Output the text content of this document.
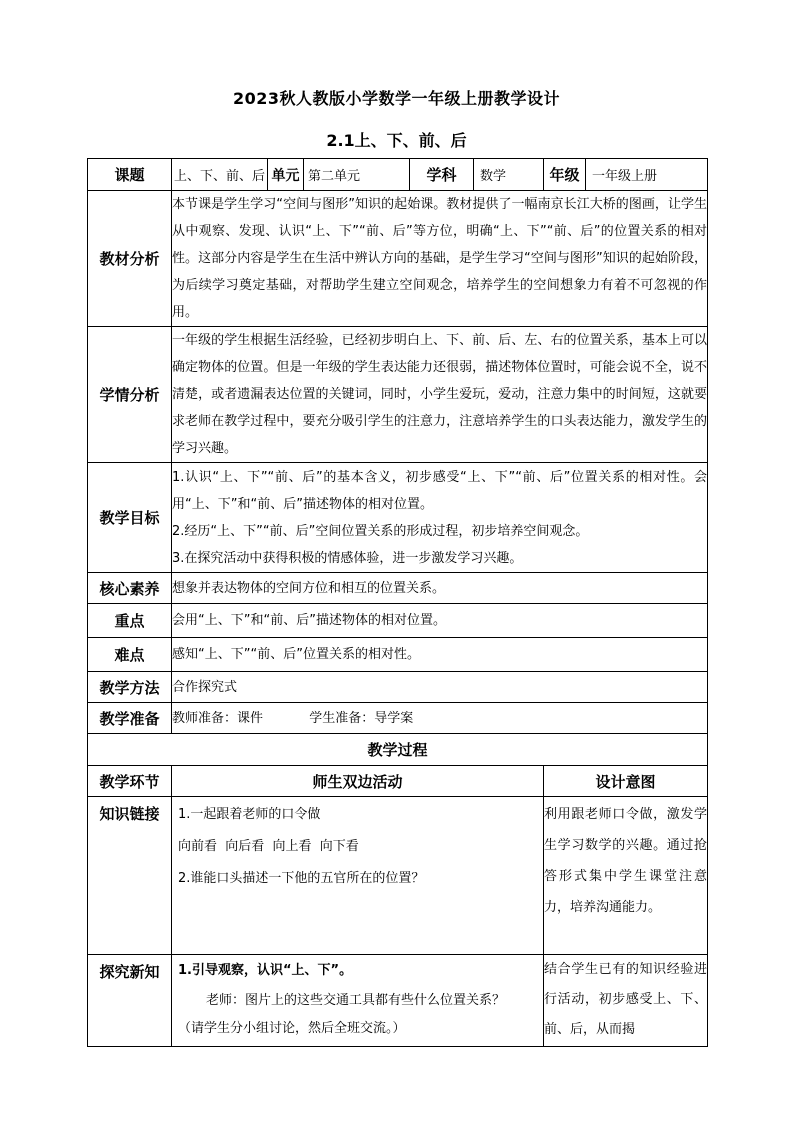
2023秋人教版小学数学一年级上册教学设计
2.1上、下、前、后
课题	上、下、前、后	单元	第二单元	学科	数学	年级	一年级上册
教材分析	本节课是学生学习“空间与图形”知识的起始课。教材提供了一幅南京长江大桥的图画，让学生从中观察、发现、认识“上、下”“前、后”等方位，明确“上、下”“前、后”的位置关系的相对性。这部分内容是学生在生活中辨认方向的基础，是学生学习“空间与图形”知识的起始阶段，为后续学习奠定基础，对帮助学生建立空间观念，培养学生的空间想象力有着不可忽视的作用。						
学情分析	一年级的学生根据生活经验，已经初步明白上、下、前、后、左、右的位置关系，基本上可以确定物体的位置。但是一年级的学生表达能力还很弱，描述物体位置时，可能会说不全，说不清楚，或者遗漏表达位置的关键词，同时，小学生爱玩，爱动，注意力集中的时间短，这就要求老师在教学过程中，要充分吸引学生的注意力，注意培养学生的口头表达能力，激发学生的学习兴趣。						
教学目标	1.认识“上、下”“前、后”的基本含义，初步感受“上、下”“前、后”位置关系的相对性。会用“上、下”和“前、后”描述物体的相对位置。
2.经历“上、下”“前、后”空间位置关系的形成过程，初步培养空间观念。
3.在探究活动中获得积极的情感体验，进一步激发学习兴趣。						

核心素养	想象并表达物体的空间方位和相互的位置关系。						
重点	会用“上、下”和“前、后”描述物体的相对位置。						
难点	感知“上、下”“前、后”位置关系的相对性。						
教学方法	合作探究式						
教学准备	教师准备：课件 学生准备：导学案						
教学过程							
教学环节	师生双边活动					设计意图	
知识链接	1.一起跟着老师的口令做
向前看  向后看  向上看  向下看
2.谁能口头描述一下他的五官所在的位置？					利用跟老师口令做，激发学生学习数学的兴趣。通过抢答形式集中学生课堂注意力，培养沟通能力。	
探究新知	1.引导观察，认识“上、下”。
老师：图片上的这些交通工具都有些什么位置关系？
（请学生分小组讨论，然后全班交流。）					结合学生已有的知识经验进行活动，初步感受上、下、前、后，从而揭	
